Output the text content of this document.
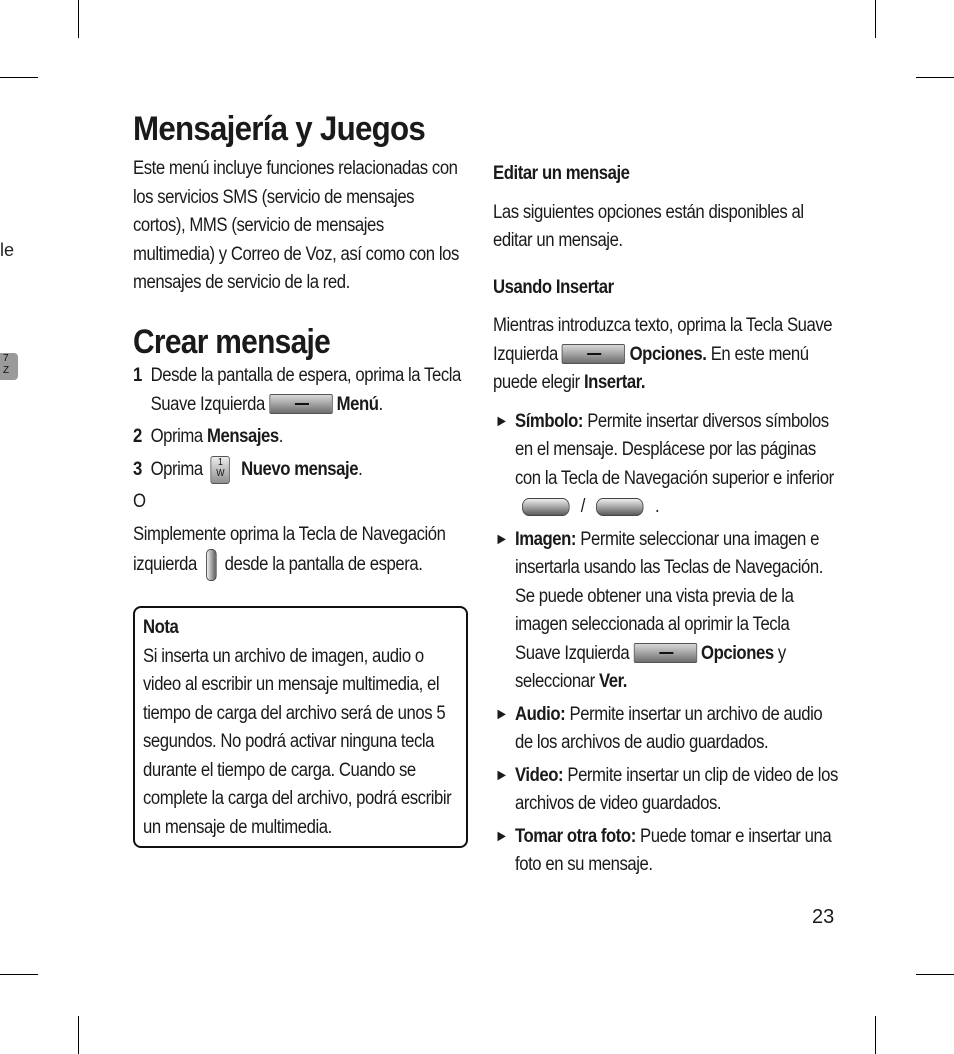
le
7
Z
Mensajería y Juegos
Este menú incluye funciones relacionadas con los servicios SMS (servicio de mensajes cortos), MMS (servicio de mensajes multimedia) y Correo de Voz, así como con los mensajes de servicio de la red.
Crear mensaje
1 Desde la pantalla de espera, oprima la Tecla Suave Izquierda	Menú.
2 Oprima Mensajes.
3 Oprima 1
W Nuevo mensaje.
O
Simplemente oprima la Tecla de Navegación izquierda desde la pantalla de espera.
Nota
Si inserta un archivo de imagen, audio o video al escribir un mensaje multimedia, el tiempo de carga del archivo será de unos 5 segundos. No podrá activar ninguna tecla durante el tiempo de carga. Cuando se complete la carga del archivo, podrá escribir un mensaje de multimedia.
Editar un mensaje
Las siguientes opciones están disponibles al editar un mensaje.
Usando Insertar
Mientras introduzca texto, oprima la Tecla Suave Izquierda	Opciones. En este menú puede elegir Insertar.
► Símbolo: Permite insertar diversos símbolos en el mensaje. Desplácese por las páginas con la Tecla de Navegación superior e inferior  /	.
► Imagen: Permite seleccionar una imagen e insertarla usando las Teclas de Navegación. Se puede obtener una vista previa de la imagen seleccionada al oprimir la Tecla Suave Izquierda	Opciones y seleccionar Ver.
► Audio: Permite insertar un archivo de audio de los archivos de audio guardados.
► Video: Permite insertar un clip de video de los archivos de video guardados.
► Tomar otra foto: Puede tomar e insertar una foto en su mensaje.
23
